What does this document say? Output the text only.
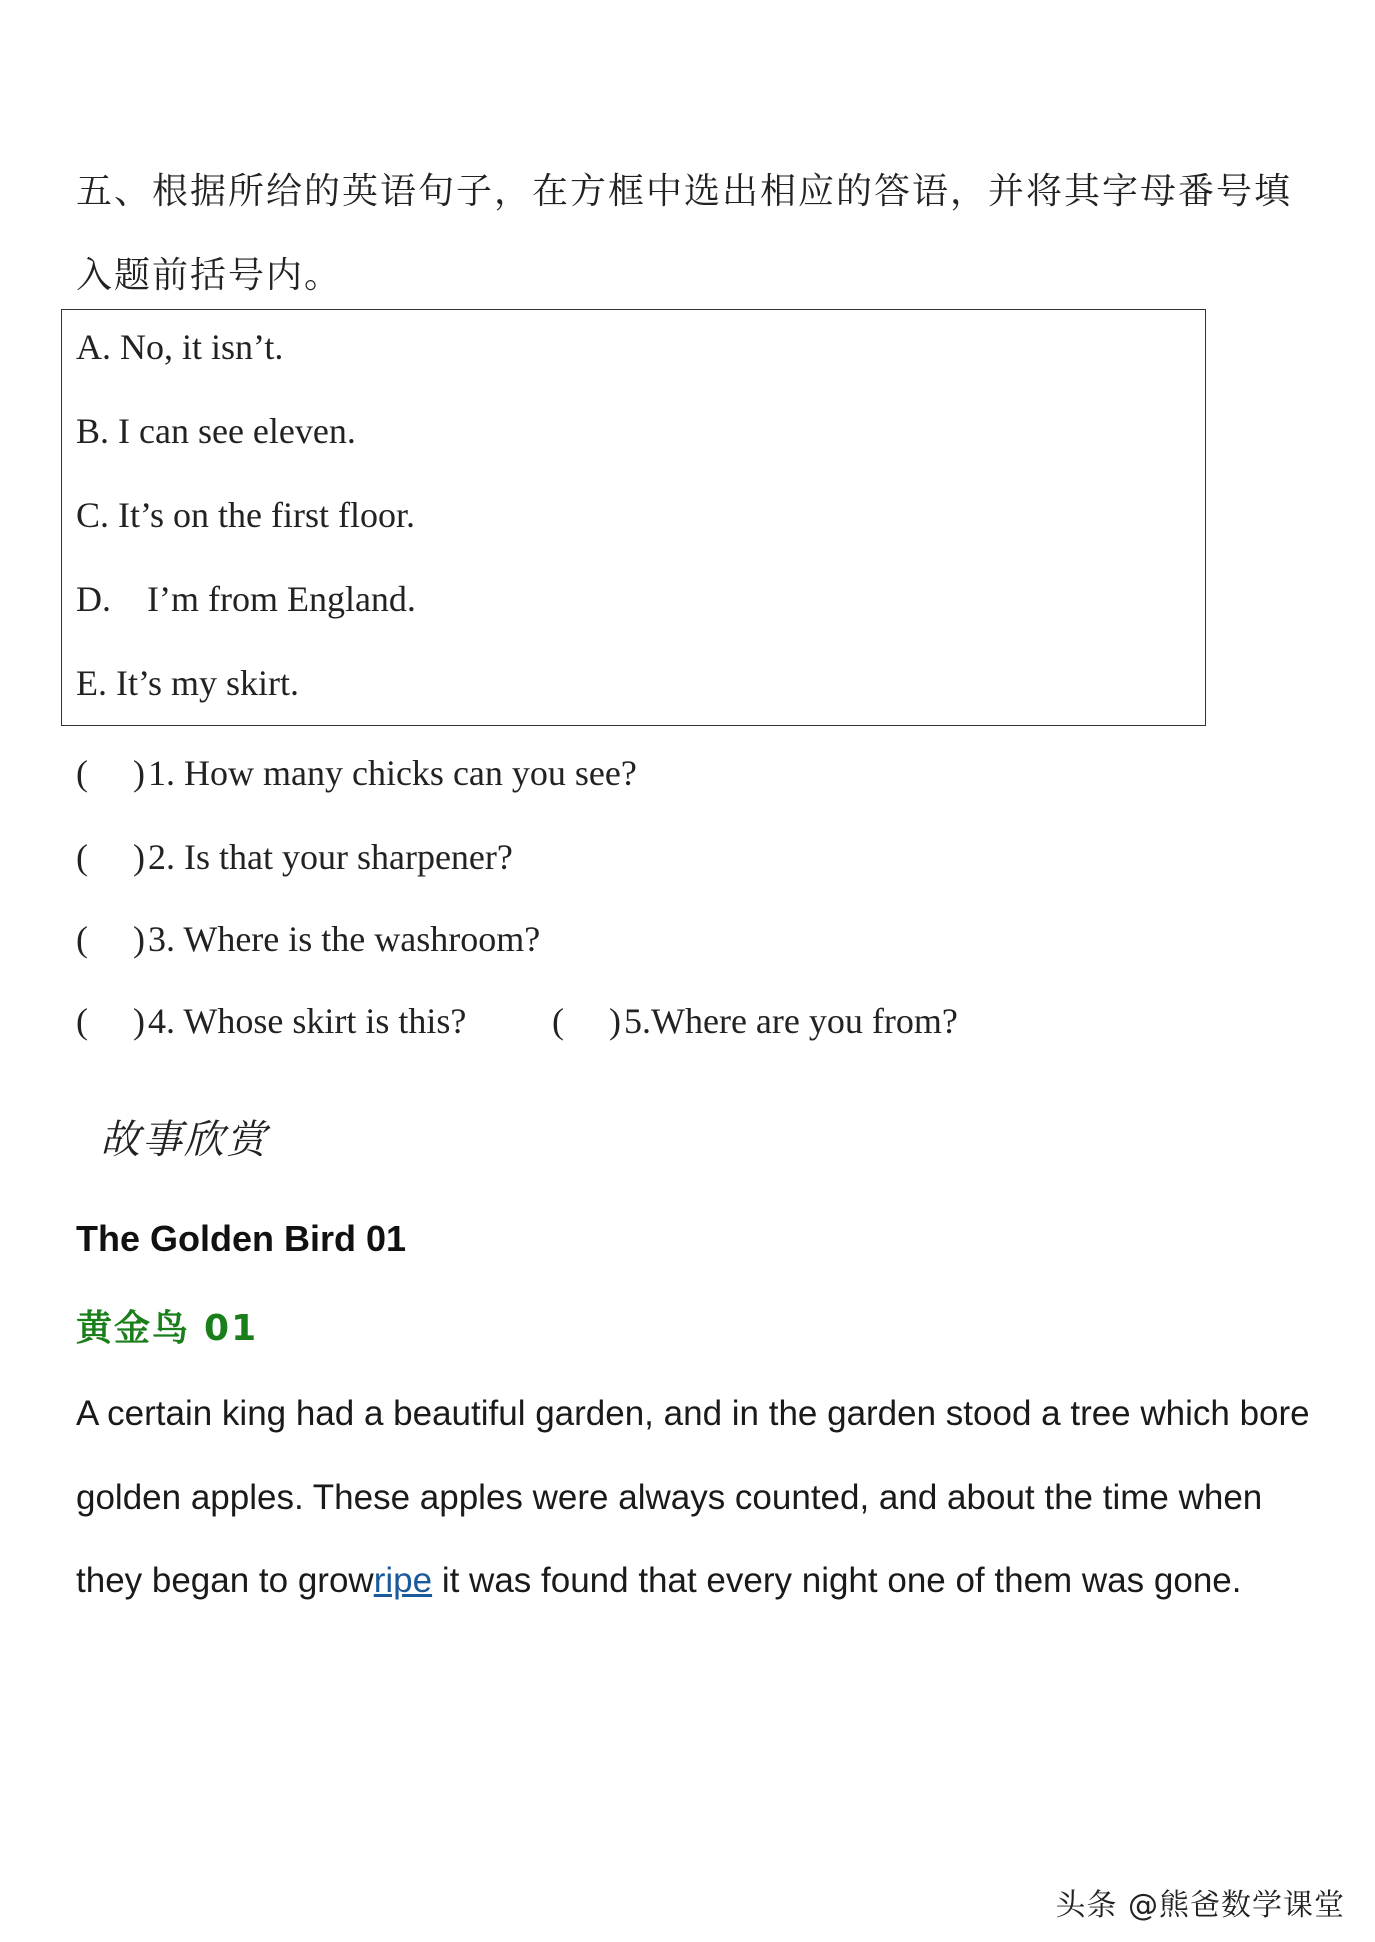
五、根据所给的英语句子，在方框中选出相应的答语，并将其字母番号填入题前括号内。
A. No, it isn’t.
B. I can see eleven.
C. It’s on the first floor.
D. I’m from England.
E. It’s my skirt.
(     )1. How many chicks can you see?
(     )2. Is that your sharpener?
(     )3. Where is the washroom?
(     )4. Whose skirt is this? (     )5.Where are you from?
故事欣赏
The Golden Bird 01
黄金鸟 01
A certain king had a beautiful garden, and in the garden stood a tree which bore golden apples. These apples were always counted, and about the time when they began to growripe it was found that every night one of them was gone.
头条 @熊爸数学课堂
